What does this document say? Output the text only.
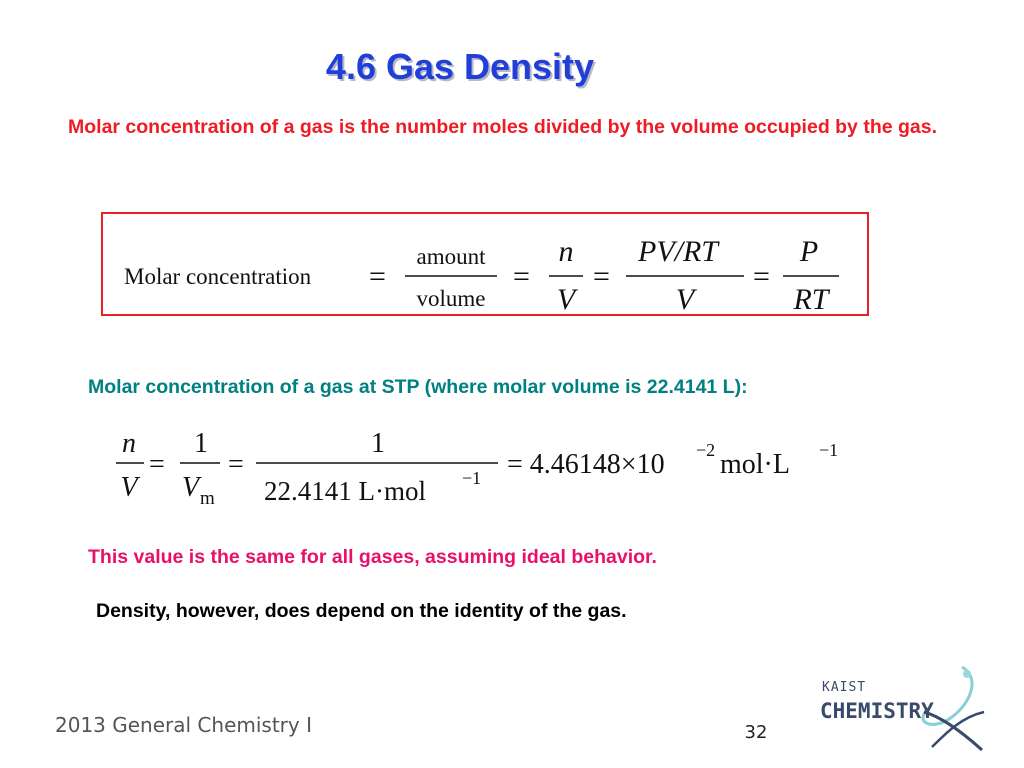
4.6 Gas Density
Molar concentration of a gas is the number moles divided by the volume occupied by the gas.
Molar concentration =
amount
volume
=
n
V
=
PV/RT
V
=
P
RT
Molar concentration of a gas at STP (where molar volume is 22.4141 L):
n
V
=
1
V m
=
1
22.4141 L·mol −1 = 4.46148×10 −2 mol·L −1
This value is the same for all gases, assuming ideal behavior.
Density, however, does depend on the identity of the gas.
2013 General Chemistry I	32
KAIST
CHEMISTRY
